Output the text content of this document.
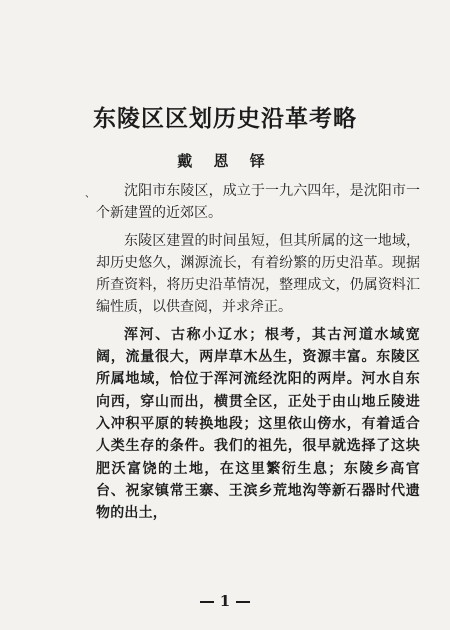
东陵区区划历史沿革考略
戴 恩 铎
、	沈阳市东陵区，成立于一九六四年，是沈阳市一个新建置的近郊区。

东陵区建置的时间虽短，但其所属的这一地域，却历史悠久，渊源流长，有着纷繁的历史沿革。现据所查资料，将历史沿革情况，整理成文，仍属资料汇编性质，以供查阅，并求斧正。

浑河、古称小辽水；根考，其古河道水域宽阔，流量很大，两岸草木丛生，资源丰富。东陵区所属地域，恰位于浑河流经沈阳的两岸。河水自东向西，穿山而出，横贯全区，正处于由山地丘陵进入冲积平原的转换地段；这里依山傍水，有着适合人类生存的条件。我们的祖先，很早就选择了这块肥沃富饶的土地，在这里繁衍生息；东陵乡高官台、祝家镇常王寨、王滨乡荒地沟等新石器时代遗物的出土，

1
